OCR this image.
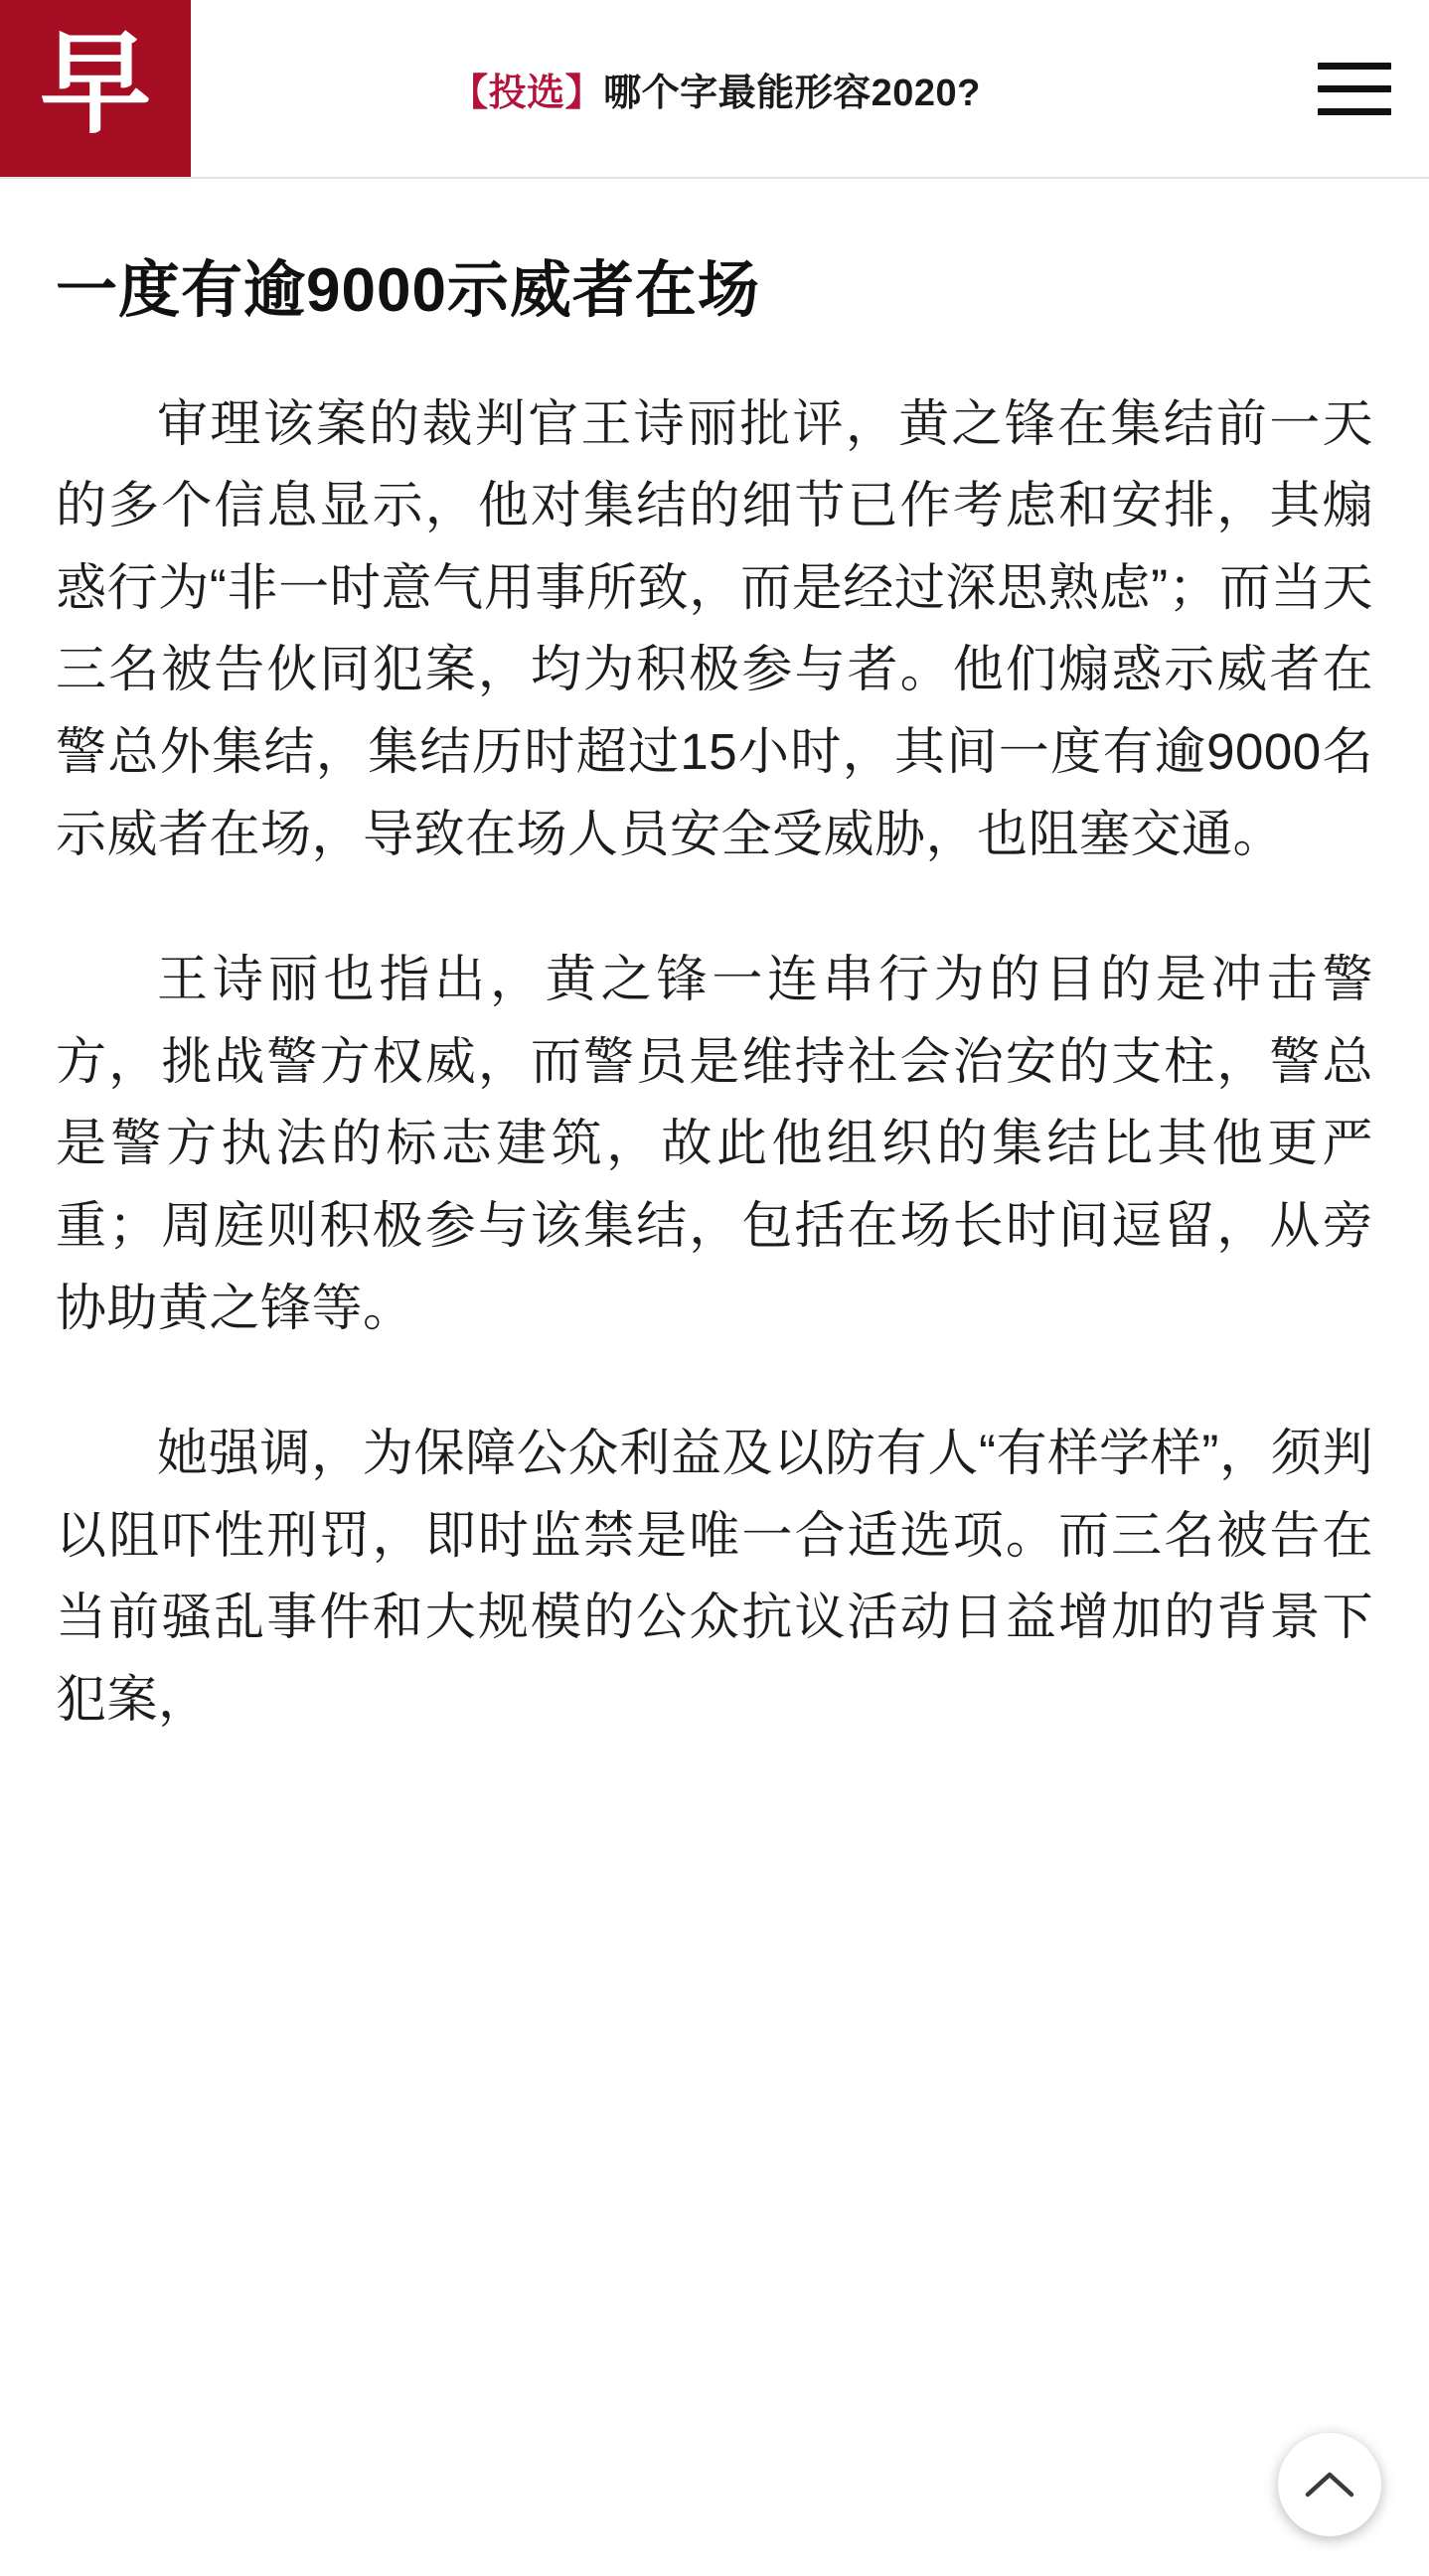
早	【投选】哪个字最能形容2020?
一度有逾9000示威者在场

审理该案的裁判官王诗丽批评，黄之锋在集结前一天的多个信息显示，他对集结的细节已作考虑和安排，其煽惑行为“非一时意气用事所致，而是经过深思熟虑”；而当天三名被告伙同犯案，均为积极参与者。他们煽惑示威者在警总外集结，集结历时超过15小时，其间一度有逾9000名示威者在场，导致在场人员安全受威胁，也阻塞交通。

王诗丽也指出，黄之锋一连串行为的目的是冲击警方，挑战警方权威，而警员是维持社会治安的支柱，警总是警方执法的标志建筑，故此他组织的集结比其他更严重；周庭则积极参与该集结，包括在场长时间逗留，从旁协助黄之锋等。

她强调，为保障公众利益及以防有人“有样学样”，须判以阻吓性刑罚，即时监禁是唯一合适选项。而三名被告在当前骚乱事件和大规模的公众抗议活动日益增加的背景下犯案，
